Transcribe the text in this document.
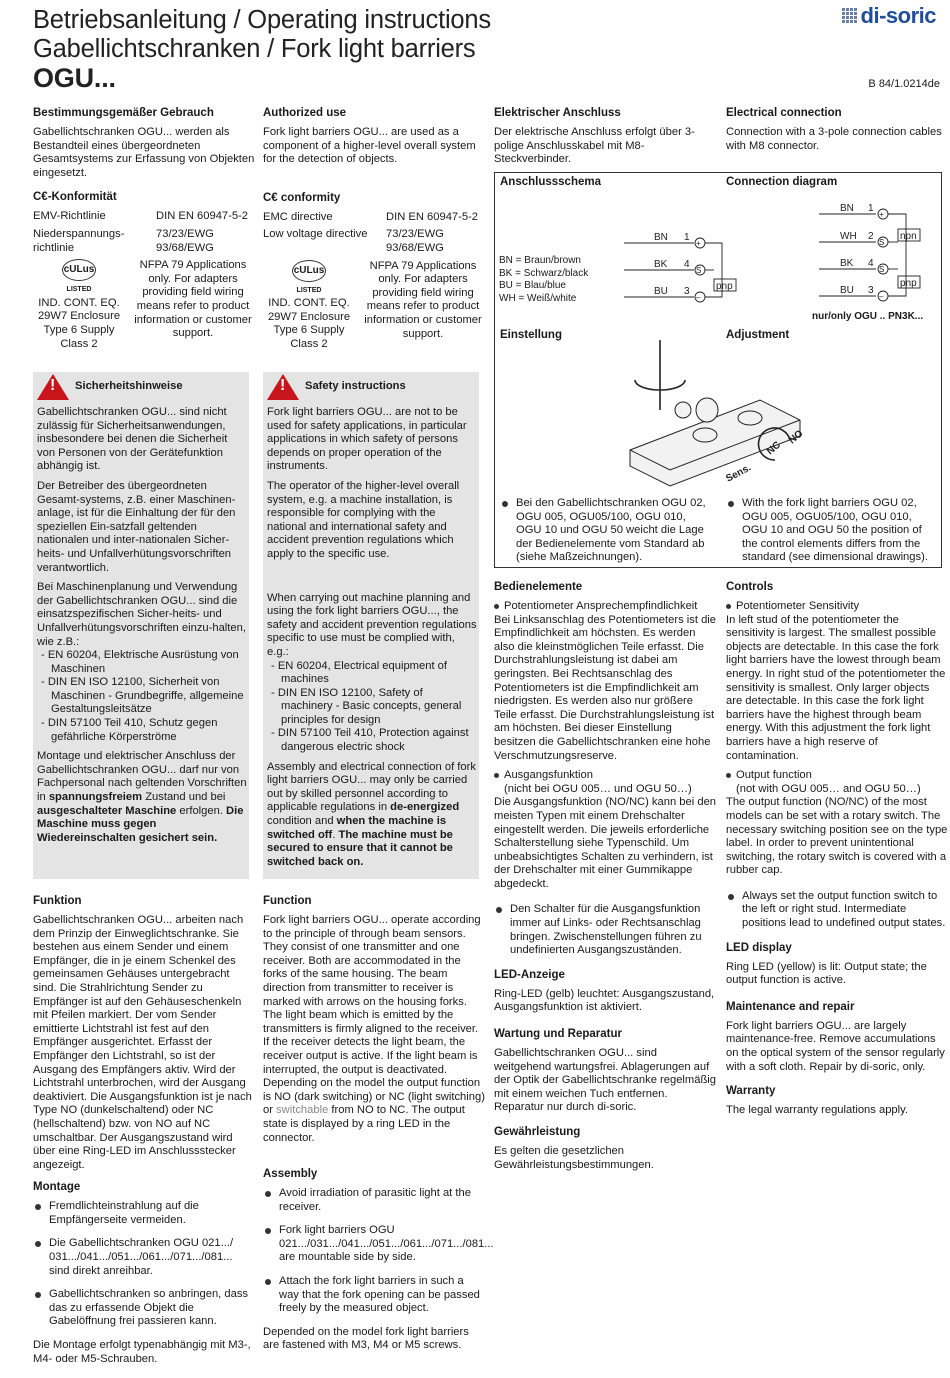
Betriebsanleitung / Operating instructions
Gabellichtschranken / Fork light barriers
OGU...
di-soric
B 84/1.0214de
Bestimmungsgemäßer Gebrauch

Gabellichtschranken OGU... werden als Bestandteil eines übergeordneten Gesamtsystems zur Erfassung von Objekten eingesetzt.

C€-Konformität
EMV-Richtlinie	DIN EN 60947-5-2
Niederspannungs-richtlinie
73/23/EWG 93/68/EWG
cULus
LISTED
IND. CONT. EQ. 29W7 Enclosure Type 6 Supply Class 2
NFPA 79 Applications only. For adapters providing field wiring means refer to product information or customer support.
!
Sicherheitshinweise

Gabellichtschranken OGU... sind nicht zulässig für Sicherheitsanwendungen, insbesondere bei denen die Sicherheit von Personen von der Gerätefunktion abhängig ist.

Der Betreiber des übergeordneten Gesamt-systems, z.B. einer Maschinen-anlage, ist für die Einhaltung der für den speziellen Ein-satzfall geltenden nationalen und inter-nationalen Sicher-heits- und Unfallverhütungsvorschriften verantwortlich.

Bei Maschinenplanung und Verwendung der Gabellichtschranken OGU... sind die einsatzspezifischen Sicher-heits- und Unfallverhütungsvorschriften einzu-halten, wie z.B.:

- EN 60204, Elektrische Ausrüstung von Maschinen
- DIN EN ISO 12100, Sicherheit von Maschinen - Grundbegriffe, allgemeine Gestaltungsleitsätze
- DIN 57100 Teil 410, Schutz gegen gefährliche Körperströme

Montage und elektrischer Anschluss der Gabellichtschranken OGU... darf nur von Fachpersonal nach geltenden Vorschriften in spannungsfreiem Zustand und bei ausgeschalteter Maschine erfolgen. Die Maschine muss gegen Wiedereinschalten gesichert sein.

Funktion

Gabellichtschranken OGU... arbeiten nach dem Prinzip der Einweglichtschranke. Sie bestehen aus einem Sender und einem Empfänger, die in je einem Schenkel des gemeinsamen Gehäuses untergebracht sind. Die Strahlrichtung Sender zu Empfänger ist auf den Gehäuseschenkeln mit Pfeilen markiert. Der vom Sender emittierte Lichtstrahl ist fest auf den Empfänger ausgerichtet. Erfasst der Empfänger den Lichtstrahl, so ist der Ausgang des Empfängers aktiv. Wird der Lichtstrahl unterbrochen, wird der Ausgang deaktiviert. Die Ausgangsfunktion ist je nach Type NO (dunkelschaltend) oder NC (hellschaltend) bzw. von NO auf NC umschaltbar. Der Ausgangszustand wird über eine Ring-LED im Anschlussstecker angezeigt.

Montage
Fremdlichteinstrahlung auf die Empfängerseite vermeiden.
Die Gabellichtschranken OGU 021.../ 031.../041.../051.../061.../071.../081... sind direkt anreihbar.
Gabellichtschranken so anbringen, dass das zu erfassende Objekt die Gabelöffnung frei passieren kann.

Die Montage erfolgt typenabhängig mit M3-, M4- oder M5-Schrauben.

Authorized use

Fork light barriers OGU... are used as a component of a higher-level overall system for the detection of objects.

C€ conformity
EMC directive	DIN EN 60947-5-2
Low voltage directive	73/23/EWG 93/68/EWG
cULus
LISTED
IND. CONT. EQ. 29W7 Enclosure Type 6 Supply Class 2
NFPA 79 Applications only. For adapters providing field wiring means refer to product information or customer support.
!
Safety instructions

Fork light barriers OGU... are not to be used for safety applications, in particular applications in which safety of persons depends on proper operation of the instruments.

The operator of the higher-level overall system, e.g. a machine installation, is responsible for complying with the national and international safety and accident prevention regulations which apply to the specific use.

When carrying out machine planning and using the fork light barriers OGU..., the safety and accident prevention regulations specific to use must be complied with, e.g.:

- EN 60204, Electrical equipment of machines
- DIN EN ISO 12100, Safety of machinery - Basic concepts, general principles for design
- DIN 57100 Teil 410, Protection against dangerous electric shock

Assembly and electrical connection of fork light barriers OGU... may only be carried out by skilled personnel according to applicable regulations in de-energized condition and when the machine is switched off. The machine must be secured to ensure that it cannot be switched back on.

Function

Fork light barriers OGU... operate according to the principle of through beam sensors. They consist of one transmitter and one receiver. Both are accommodated in the forks of the same housing. The beam direction from transmitter to receiver is marked with arrows on the housing forks. The light beam which is emitted by the transmitters is firmly aligned to the receiver. If the receiver detects the light beam, the receiver output is active. If the light beam is interrupted, the output is deactivated. Depending on the model the output function is NO (dark switching) or NC (light switching) or switchable from NO to NC. The output state is displayed by a ring LED in the connector.

Assembly
Avoid irradiation of parasitic light at the receiver.
Fork light barriers OGU 021.../031.../041.../051.../061.../071.../081... are mountable side by side.
Attach the fork light barriers in such a way that the fork opening can be passed freely by the measured object.

Depended on the model fork light barriers are fastened with M3, M4 or M5 screws.

Elektrischer Anschluss

Der elektrische Anschluss erfolgt über 3-polige Anschlusskabel mit M8-Steckverbinder.

Electrical connection

Connection with a 3-pole connection cables with M8 connector.

Anschlussschema	Connection diagram
BN = Braun/brown
BK = Schwarz/black
BU = Blau/blue
WH = Weiß/white
BN 1
BK 4
BU 3	pnp
BN 1
WH 2
BK 4
BU 3
npn
pnp
+
S
–
+
S
S
–
nur/only OGU .. PN3K...
Einstellung	Adjustment
Sens.
NC
NO
Bei den Gabellichtschranken OGU 02, OGU 005, OGU05/100, OGU 010, OGU 10 und OGU 50 weicht die Lage der Bedienelemente vom Standard ab (siehe Maßzeichnungen).
With the fork light barriers OGU 02, OGU 005, OGU05/100, OGU 010, OGU 10 and OGU 50 the position of the control elements differs from the standard (see dimensional drawings).
Bedienelemente
Potentiometer Ansprechempfindlichkeit

Bei Linksanschlag des Potentiometers ist die Empfindlichkeit am höchsten. Es werden also die kleinstmöglichen Teile erfasst. Die Durchstrahlungsleistung ist dabei am geringsten. Bei Rechtsanschlag des Potentiometers ist die Empfindlichkeit am niedrigsten. Es werden also nur größere Teile erfasst. Die Durchstrahlungsleistung ist am höchsten. Bei dieser Einstellung besitzen die Gabellichtschranken eine hohe Verschmutzungsreserve.

Ausgangsfunktion
(nicht bei OGU 005… und OGU 50…)

Die Ausgangsfunktion (NO/NC) kann bei den meisten Typen mit einem Drehschalter eingestellt werden. Die jeweils erforderliche Schalterstellung siehe Typenschild. Um unbeabsichtigtes Schalten zu verhindern, ist der Drehschalter mit einer Gummikappe abgedeckt.

Den Schalter für die Ausgangsfunktion immer auf Links- oder Rechtsanschlag bringen. Zwischenstellungen führen zu undefinierten Ausgangszuständen.
LED-Anzeige

Ring-LED (gelb) leuchtet: Ausgangszustand, Ausgangsfunktion ist aktiviert.

Wartung und Reparatur

Gabellichtschranken OGU... sind weitgehend wartungsfrei. Ablagerungen auf der Optik der Gabellichtschranke regelmäßig mit einem weichen Tuch entfernen. Reparatur nur durch di-soric.

Gewährleistung

Es gelten die gesetzlichen Gewährleistungsbestimmungen.

Controls
Potentiometer Sensitivity

In left stud of the potentiometer the sensitivity is largest. The smallest possible objects are detectable. In this case the fork light barriers have the lowest through beam energy. In right stud of the potentiometer the sensitivity is smallest. Only larger objects are detectable. In this case the fork light barriers have the highest through beam energy. With this adjustment the fork light barriers have a high reserve of contamination.

Output function
(not with OGU 005… and OGU 50…)

The output function (NO/NC) of the most models can be set with a rotary switch. The necessary switching position see on the type label. In order to prevent unintentional switching, the rotary switch is covered with a rubber cap.

Always set the output function switch to the left or right stud. Intermediate positions lead to undefined output states.
LED display

Ring LED (yellow) is lit: Output state; the output function is active.

Maintenance and repair

Fork light barriers OGU... are largely maintenance-free. Remove accumulations on the optical system of the sensor regularly with a soft cloth. Repair by di-soric, only.

Warranty

The legal warranty regulations apply.
